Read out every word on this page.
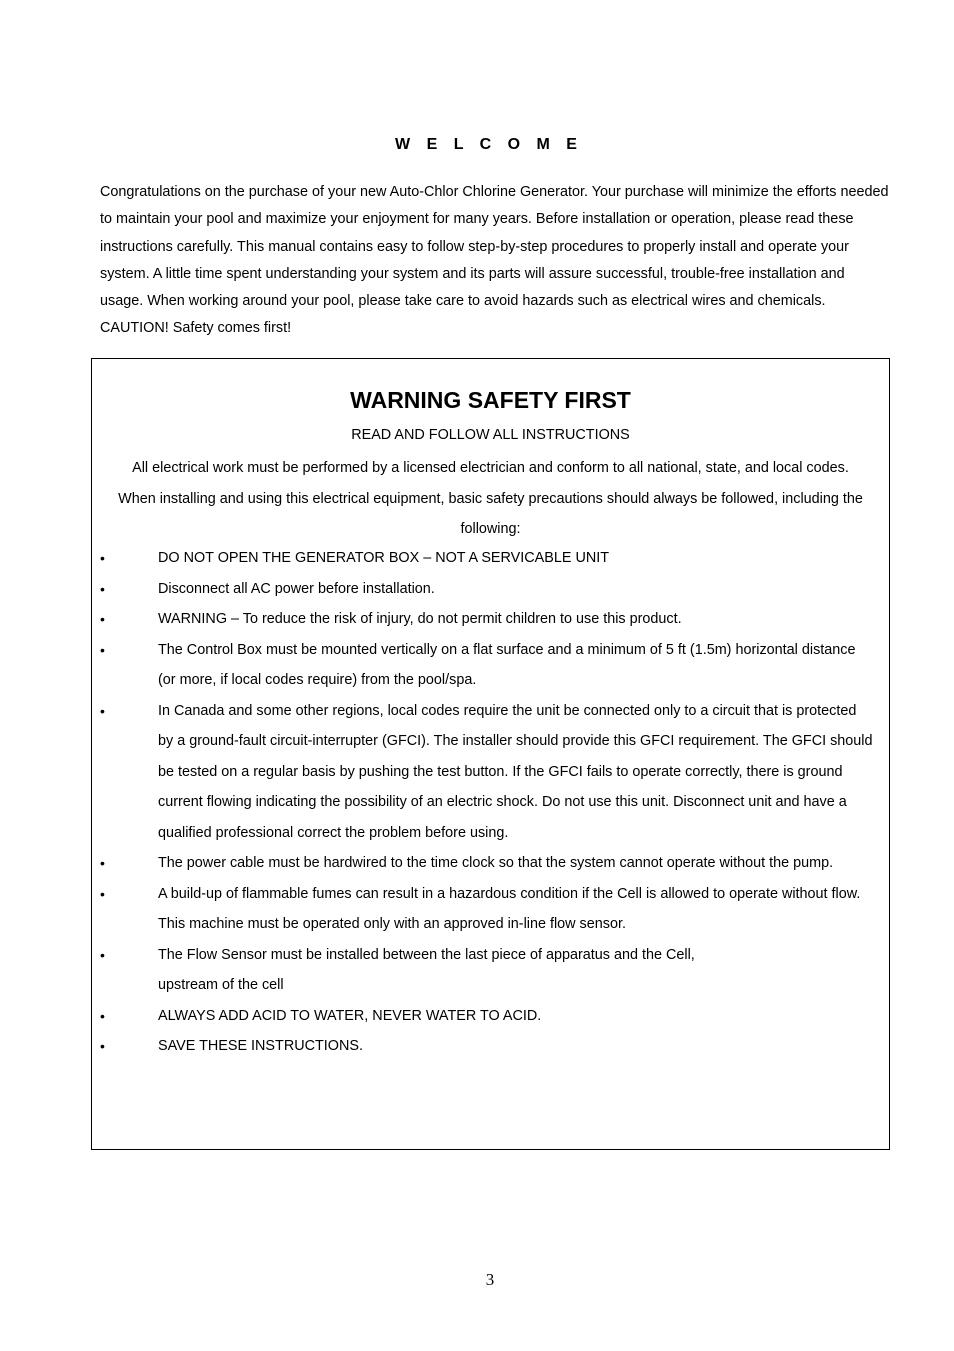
W E L C O M E

Congratulations on the purchase of your new Auto-Chlor Chlorine Generator. Your purchase will minimize the efforts needed to maintain your pool and maximize your enjoyment for many years. Before installation or operation, please read these instructions carefully. This manual contains easy to follow step-by-step procedures to properly install and operate your system. A little time spent understanding your system and its parts will assure successful, trouble-free installation and usage. When working around your pool, please take care to avoid hazards such as electrical wires and chemicals. CAUTION! Safety comes first!

WARNING SAFETY FIRST
READ AND FOLLOW ALL INSTRUCTIONS

All electrical work must be performed by a licensed electrician and conform to all national, state, and local codes. When installing and using this electrical equipment, basic safety precautions should always be followed, including the following:

•	DO NOT OPEN THE GENERATOR BOX – NOT A SERVICABLE UNIT
•	Disconnect all AC power before installation.
•	WARNING – To reduce the risk of injury, do not permit children to use this product.
•	The Control Box must be mounted vertically on a flat surface and a minimum of 5 ft (1.5m) horizontal distance (or more, if local codes require) from the pool/spa.
•	In Canada and some other regions, local codes require the unit be connected only to a circuit that is protected by a ground-fault circuit-interrupter (GFCI). The installer should provide this GFCI requirement. The GFCI should be tested on a regular basis by pushing the test button. If the GFCI fails to operate correctly, there is ground current flowing indicating the possibility of an electric shock. Do not use this unit. Disconnect unit and have a qualified professional correct the problem before using.
•	The power cable must be hardwired to the time clock so that the system cannot operate without the pump.
•	A build-up of flammable fumes can result in a hazardous condition if the Cell is allowed to operate without flow. This machine must be operated only with an approved in-line flow sensor.
•	The Flow Sensor must be installed between the last piece of apparatus and the Cell,
upstream of the cell
•	ALWAYS ADD ACID TO WATER, NEVER WATER TO ACID.
•	SAVE THESE INSTRUCTIONS.
3
